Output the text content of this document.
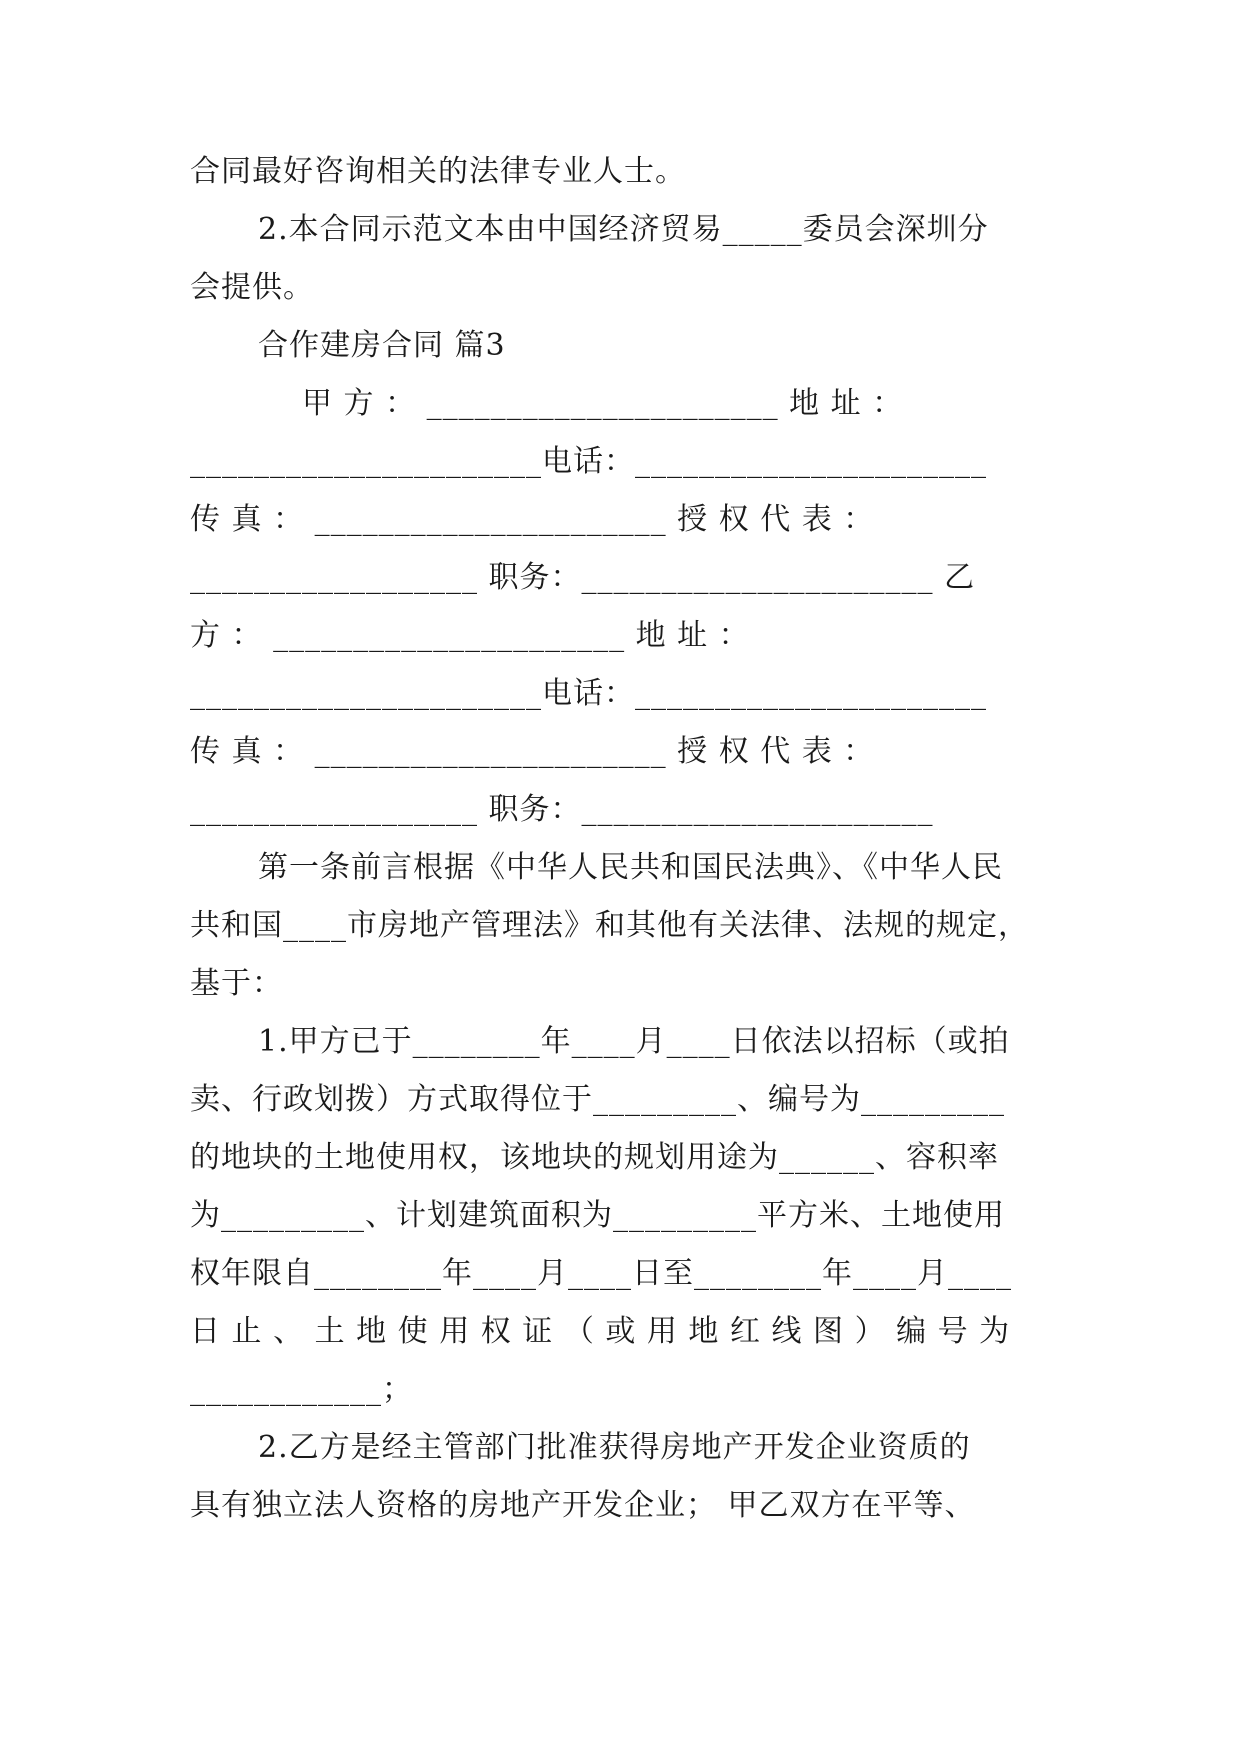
合同最好咨询相关的法律专业人士。
2.本合同示范文本由中国经济贸易_____委员会深圳分
会提供。
合作建房合同 篇3
甲 方 ： ______________________ 地 址 ：
______________________电话：______________________
传 真 ： ______________________ 授 权 代 表 ：
__________________ 职务：______________________ 乙
方 ： ______________________ 地 址 ：
______________________电话：______________________
传 真 ： ______________________ 授 权 代 表 ：
__________________ 职务：______________________
第一条前言根据《中华人民共和国民法典》、《中华人民
共和国____市房地产管理法》和其他有关法律、法规的规定，
基于：
1.甲方已于________年____月____日依法以招标（或拍
卖、行政划拨）方式取得位于_________、编号为_________
的地块的土地使用权，该地块的规划用途为______、容积率
为_________、计划建筑面积为_________平方米、土地使用
权年限自________年____月____日至________年____月____
日 止 、 土 地 使 用 权 证 （ 或 用 地 红 线 图 ） 编 号 为
____________；
2.乙方是经主管部门批准获得房地产开发企业资质的
具有独立法人资格的房地产开发企业； 甲乙双方在平等、
